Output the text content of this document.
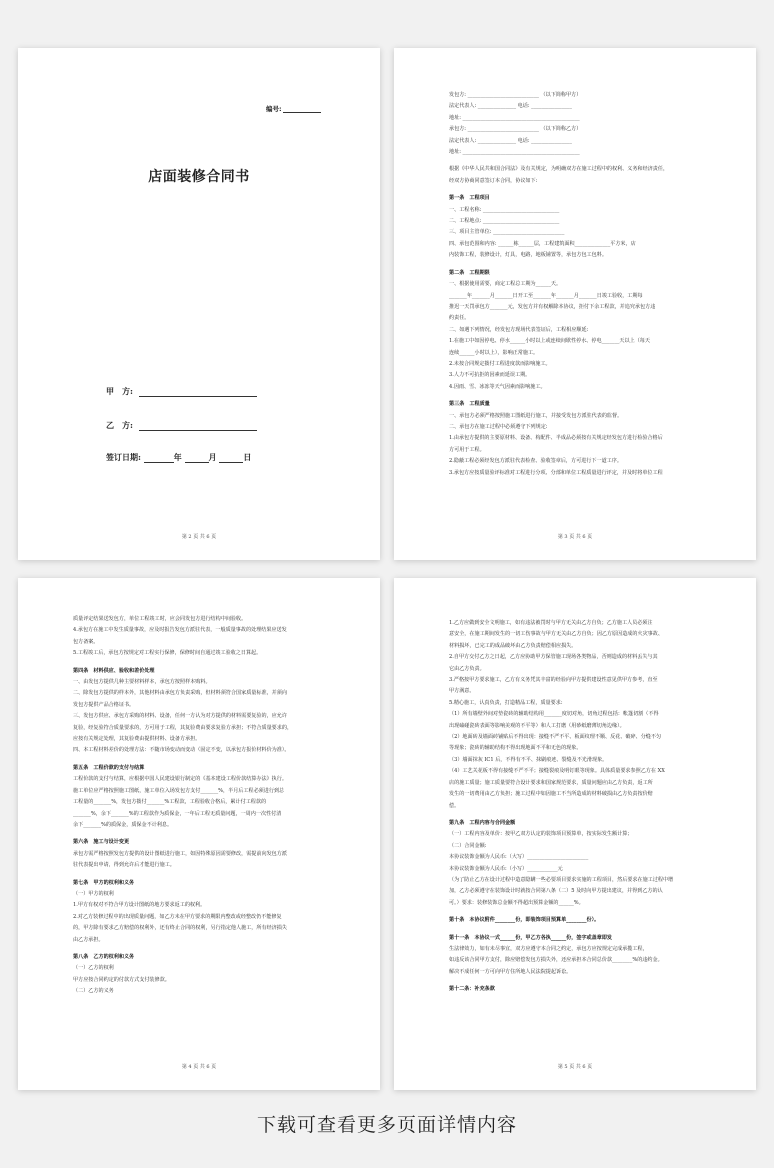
编号:
店面装修合同书
甲　方:
乙　方:
签订日期:	年	月	日
第 2 页 共 6 页

发包方: ____________________________ （以下简称甲方）

法定代表人: _______________ 电话: ________________

地址: ______________________________________________

承包方: ____________________________ （以下简称乙方）

法定代表人: _______________ 电话: ________________

地址: ______________________________________________

根据《中华人民共和国合同法》及有关规定，为明确双方在施工过程中的权利、义务和经济责任，

经双方协商同意签订本合同，协议如下:

第一条　工程项目

一、工程名称: ______________________________

二、工程地点: ______________________________

三、项目主管单位: ____________________________

四、承包范围和内容: ______栋______层，工程建筑面积______________平方米，店

内装饰工程，装修设计，灯具，电路，地板铺置等，承包方包工包料。

第二条　工程期限

一、根据使用需要，商定工程总工期为______天。

_______年_______月_______日开工至_______年_______月_______日竣工验收，工期每

推迟一天罚承包方_______元，发包方并有权解除本协议，拒付下余工程款，并追究承包方违

约责任。

二、如遇下列情况，经发包方现场代表签证后，工程相应顺延:

1.在施工中如因停电、停水______小时以上或连续间歇性停水、停电_______天以上（每天

连续______小时以上），影响正常施工。

2.未按合同规定拨付工程进度款而影响施工。

3.人力不可抗拒的因素而延误工期。

4.因雨、雪、冰冻等天气因素而影响施工。

第三条　工程质量

一、承包方必须严格按照施工图纸进行施工，并接受发包方派驻代表的监督。

二、承包方在施工过程中必须遵守下列规定:

1.由承包方提供的主要原材料、设备、构配件、半成品必须按有关规定经发包方进行检验合格后

方可用于工程。

2.隐蔽工程必须经发包方派驻代表检查、验收签章后，方可进行下一道工序。

3.承包方应按质量验评标准对工程进行分项、分部和单位工程质量进行评定，并及时将单位工程

第 3 页 共 6 页

质量评定结果送发包方，单位工程竣工时，应会同发包方进行结构中间验收。

4.承包方在施工中发生质量事故，应及时报告发包方派驻代表，一般质量事故的处理结果应送发

包方备案。

5.工程竣工后，承包方按规定对工程实行保修，保修时间自通过竣工验收之日算起。

第四条　材料供应、验收和差价处理

一、由发包方提供几种主要材料样本，承包方按照样本购料。

二、除发包方提供的样本外，其他材料由承包方负责采购，但材料须符合国家质量标准，并须向

发包方提供产品合格证书。

三、发包方供应、承包方采购的材料、设备，任何一方认为对方提供的材料需要复验的，应允许

复验，经复验符合质量要求的，方可用于工程，其复验费由要求复验方承担；不符合质量要求的，

应按有关规定处理，其复验费由提供材料、设备方承担。

四、本工程材料差价的处理方法：不随市场变动而变动（固定不变，以承包方报价材料价为准）。

第五条　工程价款的支付与结算

工程价款的支付与结算，应根据中国人民建设银行制定的《基本建设工程价款结算办法》执行。

施工单位应严格按照施工图纸，施工单位入场发包方支付_______%，半月后工程必须进行到总

工程量的_______%，发包方拨付_______%工程款，工程验收合格后，累计付工程款的

_______%，余下_______%的工程款作为质保金，一年后工程无质量问题，一周内一次性付清

余下_______%的质保金，质保金不计利息。

第六条　施工与设计变更

承包方需严格按照发包方提供的设计图纸进行施工，如因特殊原因需要修改，需提前向发包方派

驻代表提出申请，得到允许后才能进行施工。

第七条　甲方的权利和义务

（一）甲方的权利

1.甲方有权对不符合甲方设计图纸的地方要求返工的权利。

2.对乙方装修过程中的出现质量问题，如乙方未在甲方要求的期限内整改或经整改仍不能修复

的，甲方除有要求乙方赔偿的权利外，还有终止合同的权利，另行指定他人施工，所有经济损失

由乙方承担。

第八条　乙方的权利和义务

（一）乙方的权利

甲方应按合同约定的付款方式支付装修款。

（二）乙方的义务

第 4 页 共 6 页

1.乙方应做到安全文明施工，如有违法被罚时与甲方无关由乙方自负；乙方施工人员必须注

意安全，在施工期间发生的一切工伤事故与甲方无关由乙方自负；因乙方原因造成的火灾事故、

材料损坏，已完工的成品破坏由乙方负责赔偿相应损失。

2.自甲方交付乙方之日起，乙方应协助甲方保管施工现场各类物品，否则造成的材料丢失与其

它由乙方负责。

3.严格按甲方要求施工，乙方有义务凭其丰富的经验向甲方提供建设性意见供甲方参考，直至

甲方满意。

5.精心施工，认真负责，打造精品工程，质量要求:

（1）所有墙壁外间对垫瓷砖的辅助结构用_______度切对角，切角过程包括：帐篷切割（不得

出现磕碰瓷砖表面等影响美观的不平等）和人工打磨（用砂纸磨薄切角边缘）。

（2）地面砖及墙面砖铺贴后不得出现：接缝不严不平、板面纹理不顺、反花、破碎、分缝不匀

等现象；瓷砖的辅助结构不得出现地面不平和无色的现象。

（3）墙面抹灰 IC1 后，不得有不平、抹刷痕迹、裂缝及不光滑现象。

（4）工艺关花板不得有接缝不严不平；接缝裂痕及明钉眼等现象。具体质量要求参照乙方在 XX

店的施工质量；施工质量要符合设计要求和国家规范要求，质量问题应由乙方负责，返工所

发生的一切费用由乙方负担；施工过程中如因施工不当所造成的材料破损由乙方负责按价赔

偿。

第九条　工程内容与合同金额

（一）工程内容及单价：按甲乙双方认定的装饰项目预算单，按实际发生额计算；

（二）合同金额:

本协议装饰金额为人民币:（大写）________________________

本协议装饰金额为人民币:（小写）____________元

（为了防止乙方在设计过程中造意隐瞒一些必要项目要求实施的工程项目，然后要求在施工过程中增

加，乙方必须遵守在装饰设计时就按合同第八条（二）5 及时向甲方提出建议，并得到乙方的认

可。）要求：装修装饰总金额不得超出预算金额的______%。

第十条　本协议附件________份，即装饰项目预算单________份）。

第十一条　本协议一式______份，甲乙方各执______份，签字或盖章即发

生法律效力，如有未尽事宜，双方应遵守本合同之约定，承包方应按规定完成承揽工程，

如违反该合同甲方支付，除应赔偿发包方损失外，还应承担本合同总价款________%的违约金。

解决不成任何一方可向甲方住所地人民法院提起诉讼。

第十二条：补充条款

第 5 页 共 6 页
下载可查看更多页面详情内容
